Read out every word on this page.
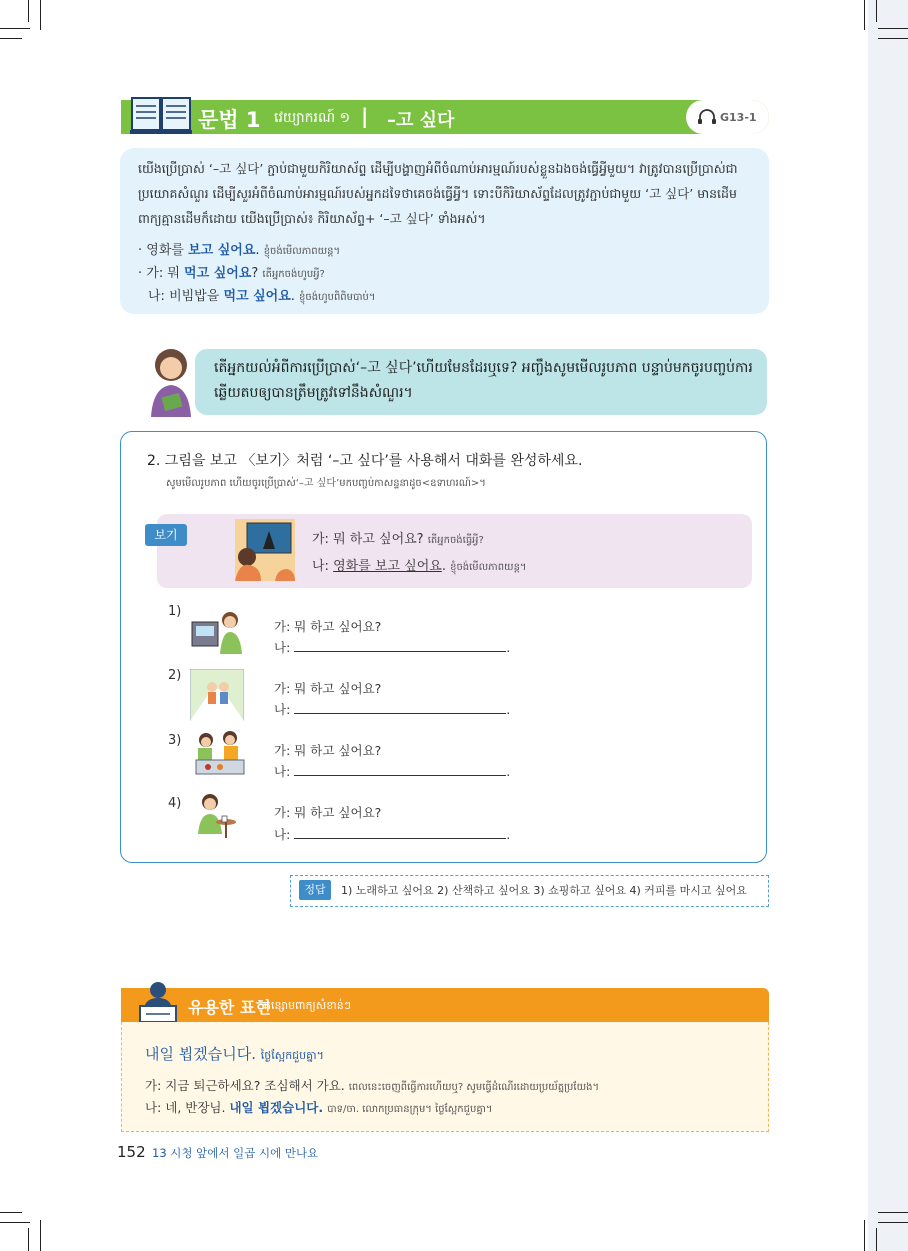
문법 1 វេយ្យាករណ៍ ១ | –고 싶다	G13-1
យើងប្រើប្រាស់ ‘–고 싶다’ ភ្ជាប់ជាមួយកិរិយាស័ព្ទ ដើម្បីបង្ហាញអំពីចំណាប់អារម្មណ៍របស់ខ្លួនឯងចង់ធ្វើអ្វីមួយ។ វាត្រូវបានប្រើប្រាស់ជាប្រយោគសំណួរ ដើម្បីសួរអំពីចំណាប់អារម្មណ៍របស់អ្នកដទៃថាគេចង់ធ្វើអ្វី។ ទោះបីកិរិយាស័ព្ទដែលត្រូវភ្ជាប់ជាមួយ ‘고 싶다’ មានដើមពាក្យគ្មានដើមក៏ដោយ យើងប្រើប្រាស់៖ កិរិយាស័ព្ទ+ ‘–고 싶다’ ទាំងអស់។
· 영화를 보고 싶어요. ខ្ញុំចង់មើលភាពយន្ត។
· 가: 뭐 먹고 싶어요? តើអ្នកចង់ហូបអ្វី?
나: 비빔밥을 먹고 싶어요. ខ្ញុំចង់ហូបពិពិមបាប់។
តើអ្នកយល់អំពីការប្រើប្រាស់‘–고 싶다’ហើយមែនដែរឬទេ? អញ្ចឹងសូមមើលរូបភាព បន្ទាប់មកចូរបញ្ចប់ការឆ្លើយតបឲ្យបានត្រឹមត្រូវទៅនឹងសំណួរ។
2. 그림을 보고 〈보기〉처럼 ‘–고 싶다’를 사용해서 대화를 완성하세요.
សូមមើលរូបភាព ហើយចូរប្រើប្រាស់‘–고 싶다’មកបញ្ចប់កាសន្ទនាដូច<ឧទាហរណ៍>។
보기	가: 뭐 하고 싶어요? តើអ្នកចង់ធ្វើអ្វី?
나: 영화를 보고 싶어요. ខ្ញុំចង់មើលភាពយន្ត។
1)
가: 뭐 하고 싶어요?
나:	.
2)
가: 뭐 하고 싶어요?
나:	.
3)
가: 뭐 하고 싶어요?
나:	.
4)
가: 뭐 하고 싶어요?
나:	.
정답	1) 노래하고 싶어요 2) 산책하고 싶어요 3) 쇼핑하고 싶어요 4) 커피를 마시고 싶어요
유용한 표현
កន្សោមពាក្យសំខាន់ៗ
내일 뵙겠습니다. ថ្ងៃស្អែកជួបគ្នា។
가: 지금 퇴근하세요? 조심해서 가요. ពេលនេះចេញពីធ្វើការហើយឬ? សូមធ្វើដំណើរដោយប្រយ័ត្នប្រយែង។
나: 네, 반장님. 내일 뵙겠습니다. បាទ/ចា. លោកប្រធានក្រុម។ ថ្ងៃស្អែកជួបគ្នា។
152 13 시청 앞에서 일곱 시에 만나요
